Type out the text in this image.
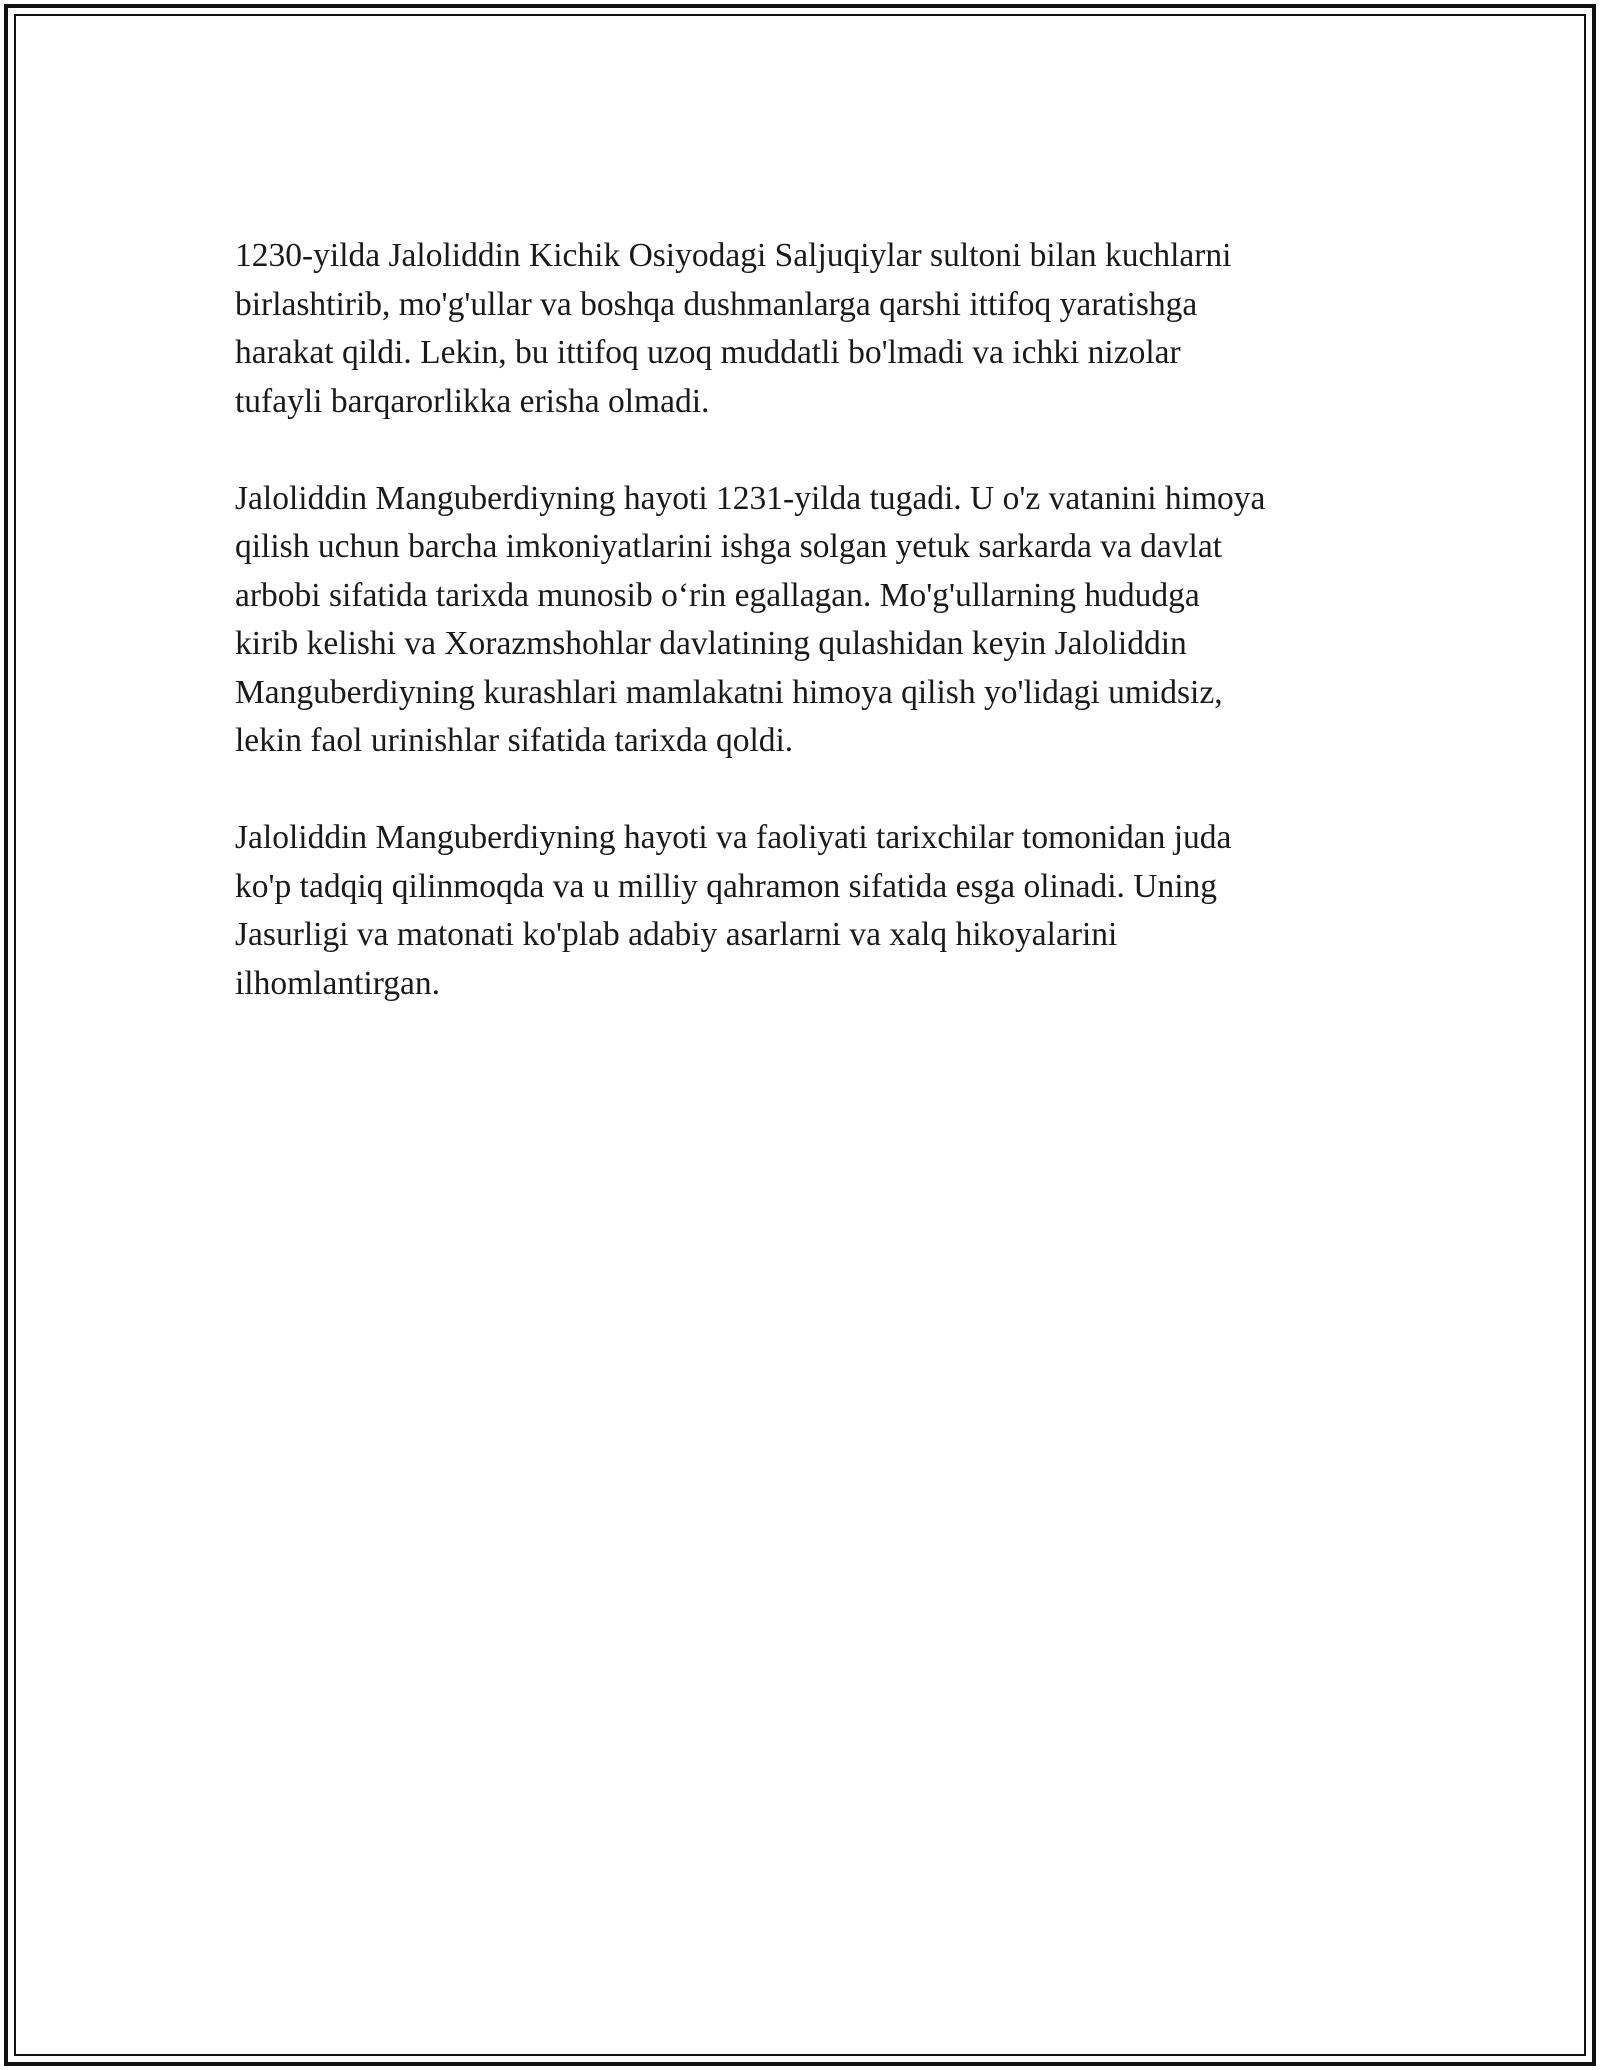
1230-yilda Jaloliddin Kichik Osiyodagi Saljuqiylar sultoni bilan kuchlarni
birlashtirib, mo'g'ullar va boshqa dushmanlarga qarshi ittifoq yaratishga
harakat qildi. Lekin, bu ittifoq uzoq muddatli bo'lmadi va ichki nizolar
tufayli barqarorlikka erisha olmadi.

Jaloliddin Manguberdiyning hayoti 1231-yilda tugadi. U o'z vatanini himoya
qilish uchun barcha imkoniyatlarini ishga solgan yetuk sarkarda va davlat
arbobi sifatida tarixda munosib o‘rin egallagan. Mo'g'ullarning hududga
kirib kelishi va Xorazmshohlar davlatining qulashidan keyin Jaloliddin
Manguberdiyning kurashlari mamlakatni himoya qilish yo'lidagi umidsiz,
lekin faol urinishlar sifatida tarixda qoldi.

Jaloliddin Manguberdiyning hayoti va faoliyati tarixchilar tomonidan juda
ko'p tadqiq qilinmoqda va u milliy qahramon sifatida esga olinadi. Uning
Jasurligi va matonati ko'plab adabiy asarlarni va xalq hikoyalarini
ilhomlantirgan.
